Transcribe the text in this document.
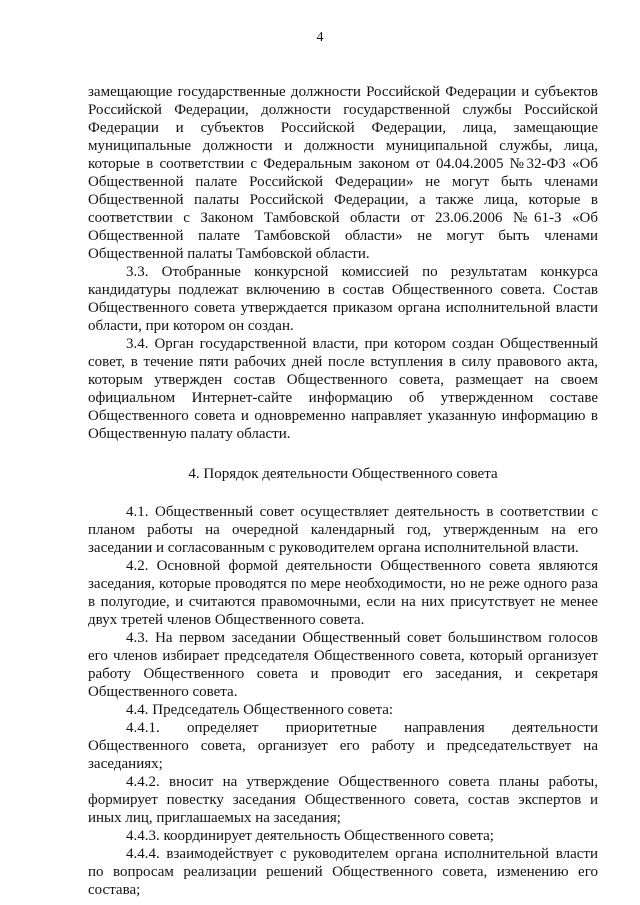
4

замещающие государственные должности Российской Федерации и субъектов Российской Федерации, должности государственной службы Российской Федерации и субъектов Российской Федерации, лица, замещающие муниципальные должности и должности муниципальной службы, лица, которые в соответствии с Федеральным законом от 04.04.2005 №32-ФЗ «Об Общественной палате Российской Федерации» не могут быть членами Общественной палаты Российской Федерации, а также лица, которые в соответствии с Законом Тамбовской области от 23.06.2006 №61-З «Об Общественной палате Тамбовской области» не могут быть членами Общественной палаты Тамбовской области.

3.3. Отобранные конкурсной комиссией по результатам конкурса кандидатуры подлежат включению в состав Общественного совета. Состав Общественного совета утверждается приказом органа исполнительной власти области, при котором он создан.

3.4. Орган государственной власти, при котором создан Общественный совет, в течение пяти рабочих дней после вступления в силу правового акта, которым утвержден состав Общественного совета, размещает на своем официальном Интернет-сайте информацию об утвержденном составе Общественного совета и одновременно направляет указанную информацию в Общественную палату области.

4. Порядок деятельности Общественного совета

4.1. Общественный совет осуществляет деятельность в соответствии с планом работы на очередной календарный год, утвержденным на его заседании и согласованным с руководителем органа исполнительной власти.

4.2. Основной формой деятельности Общественного совета являются заседания, которые проводятся по мере необходимости, но не реже одного раза в полугодие, и считаются правомочными, если на них присутствует не менее двух третей членов Общественного совета.

4.3. На первом заседании Общественный совет большинством голосов его членов избирает председателя Общественного совета, который организует работу Общественного совета и проводит его заседания, и секретаря Общественного совета.

4.4. Председатель Общественного совета:

4.4.1. определяет приоритетные направления деятельности Общественного совета, организует его работу и председательствует на заседаниях;

4.4.2. вносит на утверждение Общественного совета планы работы, формирует повестку заседания Общественного совета, состав экспертов и иных лиц, приглашаемых на заседания;

4.4.3. координирует деятельность Общественного совета;

4.4.4. взаимодействует с руководителем органа исполнительной власти по вопросам реализации решений Общественного совета, изменению его состава;
